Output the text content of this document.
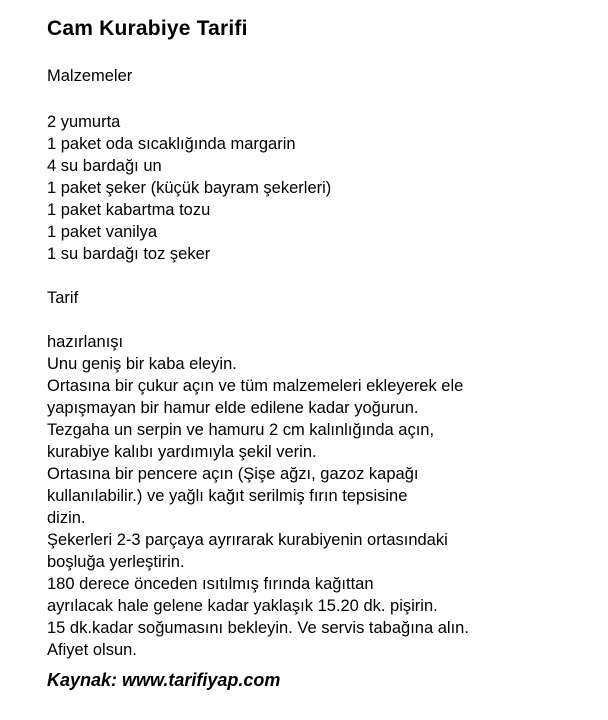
Cam Kurabiye Tarifi
Malzemeler
2 yumurta
1 paket oda sıcaklığında margarin
4 su bardağı un
1 paket şeker (küçük bayram şekerleri)
1 paket kabartma tozu
1 paket vanilya
1 su bardağı toz şeker
Tarif
hazırlanışı
Unu geniş bir kaba eleyin.
Ortasına bir çukur açın ve tüm malzemeleri ekleyerek ele
yapışmayan bir hamur elde edilene kadar yoğurun.
Tezgaha un serpin ve hamuru 2 cm kalınlığında açın,
kurabiye kalıbı yardımıyla şekil verin.
Ortasına bir pencere açın (Şişe ağzı, gazoz kapağı
kullanılabilir.) ve yağlı kağıt serilmiş fırın tepsisine
dizin.
Şekerleri 2-3 parçaya ayrırarak kurabiyenin ortasındaki
boşluğa yerleştirin.
180 derece önceden ısıtılmış fırında kağıttan
ayrılacak hale gelene kadar yaklaşık 15.20 dk. pişirin.
15 dk.kadar soğumasını bekleyin. Ve servis tabağına alın.
Afiyet olsun.
Kaynak: www.tarifiyap.com
